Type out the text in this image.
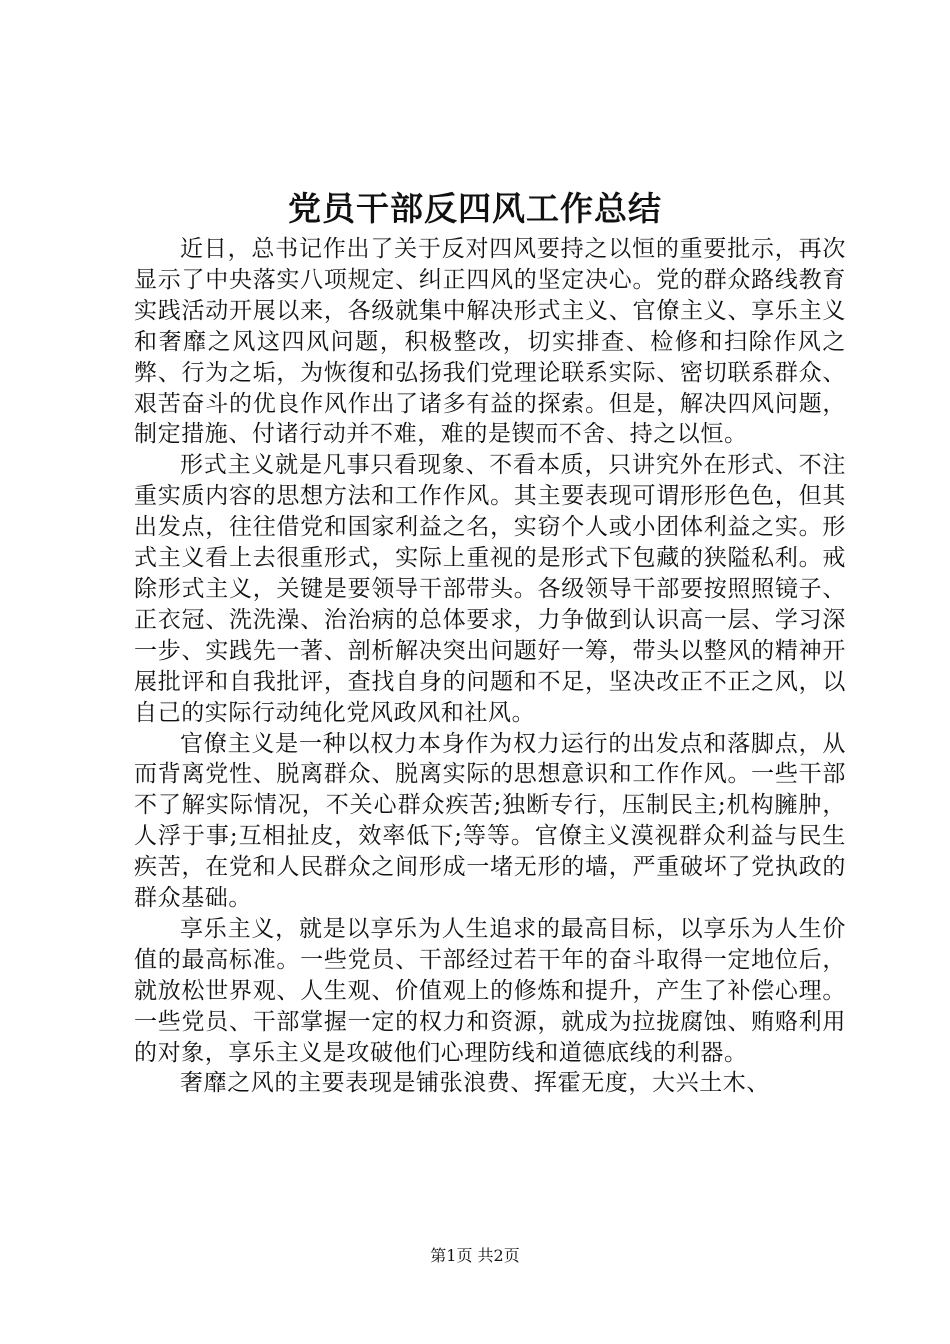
党员干部反四风工作总结

近日，总书记作出了关于反对四风要持之以恒的重要批示，再次显示了中央落实八项规定、纠正四风的坚定决心。党的群众路线教育实践活动开展以来，各级就集中解决形式主义、官僚主义、享乐主义和奢靡之风这四风问题，积极整改，切实排查、检修和扫除作风之弊、行为之垢，为恢復和弘扬我们党理论联系实际、密切联系群众、艰苦奋斗的优良作风作出了诸多有益的探索。但是，解决四风问题，制定措施、付诸行动并不难，难的是锲而不舍、持之以恒。

形式主义就是凡事只看现象、不看本质，只讲究外在形式、不注重实质内容的思想方法和工作作风。其主要表现可谓形形色色，但其出发点，往往借党和国家利益之名，实窃个人或小团体利益之实。形式主义看上去很重形式，实际上重视的是形式下包藏的狭隘私利。戒除形式主义，关键是要领导干部带头。各级领导干部要按照照镜子、正衣冠、洗洗澡、治治病的总体要求，力争做到认识高一层、学习深一步、实践先一著、剖析解决突出问题好一筹，带头以整风的精神开展批评和自我批评，查找自身的问题和不足，坚决改正不正之风，以自己的实际行动纯化党风政风和社风。

官僚主义是一种以权力本身作为权力运行的出发点和落脚点，从而背离党性、脱离群众、脱离实际的思想意识和工作作风。一些干部不了解实际情况，不关心群众疾苦;独断专行，压制民主;机构臃肿，人浮于事;互相扯皮，效率低下;等等。官僚主义漠视群众利益与民生疾苦，在党和人民群众之间形成一堵无形的墙，严重破坏了党执政的群众基础。

享乐主义，就是以享乐为人生追求的最高目标，以享乐为人生价值的最高标准。一些党员、干部经过若干年的奋斗取得一定地位后，就放松世界观、人生观、价值观上的修炼和提升，产生了补偿心理。一些党员、干部掌握一定的权力和资源，就成为拉拢腐蚀、贿赂利用的对象，享乐主义是攻破他们心理防线和道德底线的利器。

奢靡之风的主要表现是铺张浪费、挥霍无度，大兴土木、

第1页 共2页
